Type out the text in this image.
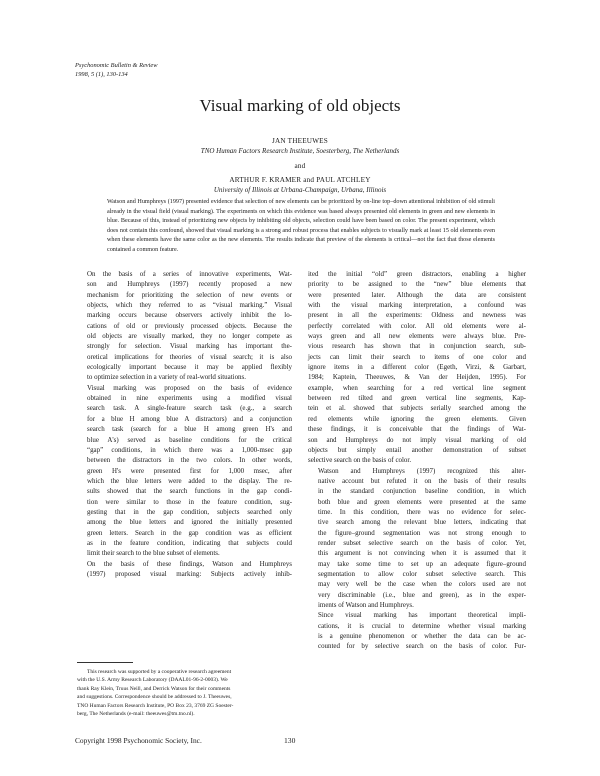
Psychonomic Bulletin & Review
1998, 5 (1), 130-134
Visual marking of old objects
JAN THEEUWES
TNO Human Factors Research Institute, Soesterberg, The Netherlands
and
ARTHUR F. KRAMER and PAUL ATCHLEY
University of Illinois at Urbana-Champaign, Urbana, Illinois
Watson and Humphreys (1997) presented evidence that selection of new elements can be prioritized by on-line top–down attentional inhibition of old stimuli already in the visual field (visual marking). The experiments on which this evidence was based always presented old elements in green and new elements in blue. Because of this, instead of prioritizing new objects by inhibiting old objects, selection could have been based on color. The present experiment, which does not contain this confound, showed that visual marking is a strong and robust process that enables subjects to visually mark at least 15 old elements even when these elements have the same color as the new elements. The results indicate that preview of the elements is critical—not the fact that those elements contained a common feature.

On the basis of a series of innovative experiments, Wat-
son and Humphreys (1997) recently proposed a new
mechanism for prioritizing the selection of new events or
objects, which they referred to as “visual marking.” Visual
marking occurs because observers actively inhibit the lo-
cations of old or previously processed objects. Because the
old objects are visually marked, they no longer compete as
strongly for selection. Visual marking has important the-
oretical implications for theories of visual search; it is also
ecologically important because it may be applied flexibly
to optimize selection in a variety of real-world situations.

Visual marking was proposed on the basis of evidence
obtained in nine experiments using a modified visual
search task. A single-feature search task (e.g., a search
for a blue H among blue A distractors) and a conjunction
search task (search for a blue H among green H's and
blue A's) served as baseline conditions for the critical
“gap” conditions, in which there was a 1,000-msec gap
between the distractors in the two colors. In other words,
green H's were presented first for 1,000 msec, after
which the blue letters were added to the display. The re-
sults showed that the search functions in the gap condi-
tion were similar to those in the feature condition, sug-
gesting that in the gap condition, subjects searched only
among the blue letters and ignored the initially presented
green letters. Search in the gap condition was as efficient
as in the feature condition, indicating that subjects could
limit their search to the blue subset of elements.

On the basis of these findings, Watson and Humphreys
(1997) proposed visual marking: Subjects actively inhib-

ited the initial “old” green distractors, enabling a higher
priority to be assigned to the “new” blue elements that
were presented later. Although the data are consistent
with the visual marking interpretation, a confound was
present in all the experiments: Oldness and newness was
perfectly correlated with color. All old elements were al-
ways green and all new elements were always blue. Pre-
vious research has shown that in conjunction search, sub-
jects can limit their search to items of one color and
ignore items in a different color (Egeth, Virzi, & Garbart,
1984; Kaptein, Theeuwes, & Van der Heijden, 1995). For
example, when searching for a red vertical line segment
between red tilted and green vertical line segments, Kap-
tein et al. showed that subjects serially searched among the
red elements while ignoring the green elements. Given
these findings, it is conceivable that the findings of Wat-
son and Humphreys do not imply visual marking of old
objects but simply entail another demonstration of subset
selective search on the basis of color.

Watson and Humphreys (1997) recognized this alter-
native account but refuted it on the basis of their results
in the standard conjunction baseline condition, in which
both blue and green elements were presented at the same
time. In this condition, there was no evidence for selec-
tive search among the relevant blue letters, indicating that
the figure–ground segmentation was not strong enough to
render subset selective search on the basis of color. Yet,
this argument is not convincing when it is assumed that it
may take some time to set up an adequate figure–ground
segmentation to allow color subset selective search. This
may very well be the case when the colors used are not
very discriminable (i.e., blue and green), as in the exper-
iments of Watson and Humphreys.

Since visual marking has important theoretical impli-
cations, it is crucial to determine whether visual marking
is a genuine phenomenon or whether the data can be ac-
counted for by selective search on the basis of color. Fur-

This research was supported by a cooperative research agreement
with the U.S. Army Research Laboratory (DAAL01-96-2-0003). We
thank Ray Klein, Truus Neill, and Derrick Watson for their comments
and suggestions. Correspondence should be addressed to J. Theeuwes,
TNO Human Factors Research Institute, PO Box 23, 3769 ZG Soester-
berg, The Netherlands (e-mail: theeuwes@tm.tno.nl).
Copyright 1998 Psychonomic Society, Inc.	130
